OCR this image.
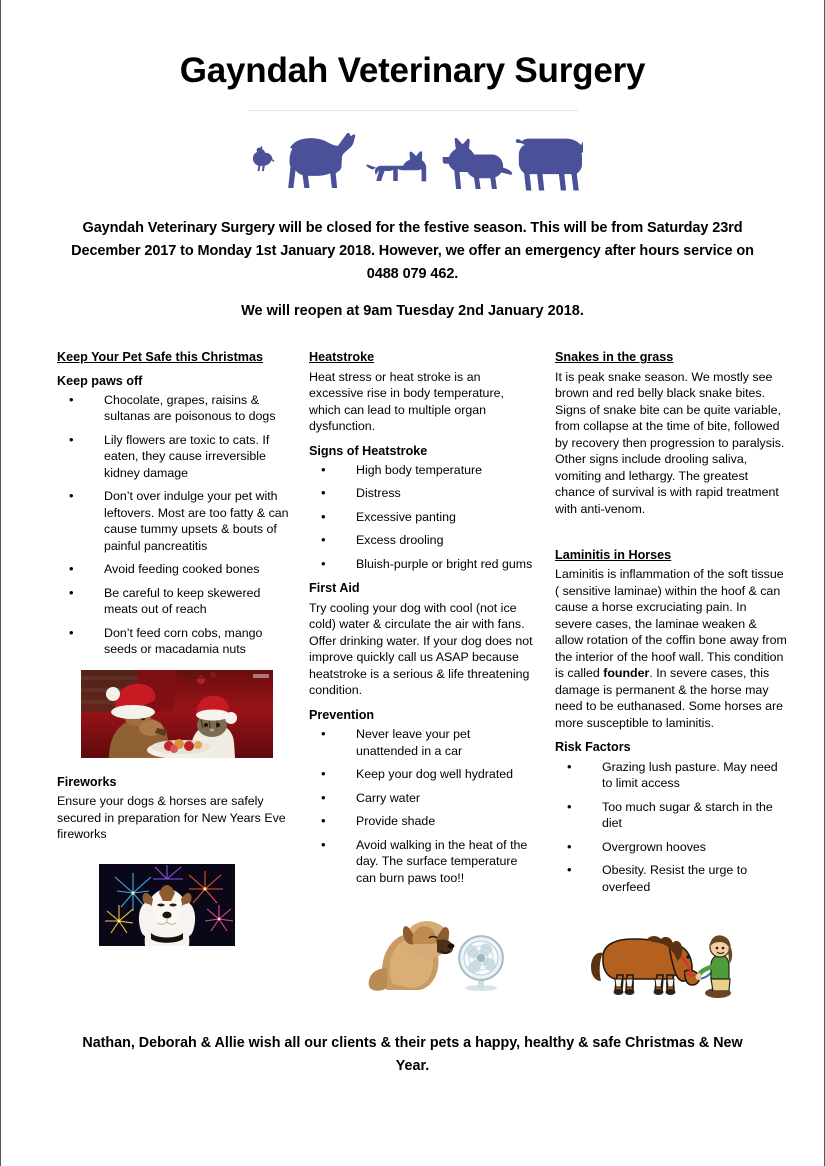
Gayndah Veterinary Surgery
Gayndah Veterinary Surgery will be closed for the festive season. This will be from Saturday 23rd December 2017 to Monday 1st January 2018. However, we offer an emergency after hours service on 0488 079 462.
We will reopen at 9am Tuesday 2nd January 2018.
Keep Your Pet Safe this Christmas
Keep paws off
• Chocolate, grapes, raisins & sultanas are poisonous to dogs
• Lily flowers are toxic to cats. If eaten, they cause irreversible kidney damage
• Don’t over indulge your pet with leftovers. Most are too fatty & can cause tummy upsets & bouts of painful pancreatitis
• Avoid feeding cooked bones
• Be careful to keep skewered meats out of reach
• Don’t feed corn cobs, mango seeds or macadamia nuts
Fireworks

Ensure your dogs & horses are safely secured in preparation for New Years Eve fireworks

Heatstroke

Heat stress or heat stroke is an excessive rise in body temperature, which can lead to multiple organ dysfunction.

Signs of Heatstroke
• High body temperature
• Distress
• Excessive panting
• Excess drooling
• Bluish-purple or bright red gums
First Aid

Try cooling your dog with cool (not ice cold) water & circulate the air with fans. Offer drinking water. If your dog does not improve quickly call us ASAP because heatstroke is a serious & life threatening condition.

Prevention
• Never leave your pet unattended in a car
• Keep your dog well hydrated
• Carry water
• Provide shade
• Avoid walking in the heat of the day. The surface temperature can burn paws too!!
Snakes in the grass

It is peak snake season. We mostly see brown and red belly black snake bites. Signs of snake bite can be quite variable, from collapse at the time of bite, followed by recovery then progression to paralysis. Other signs include drooling saliva, vomiting and lethargy. The greatest chance of survival is with rapid treatment with anti-venom.

Laminitis in Horses

Laminitis is inflammation of the soft tissue ( sensitive laminae) within the hoof & can cause a horse excruciating pain. In severe cases, the laminae weaken & allow rotation of the coffin bone away from the interior of the hoof wall. This condition is called founder. In severe cases, this damage is permanent & the horse may need to be euthanased. Some horses are more susceptible to laminitis.

Risk Factors
• Grazing lush pasture. May need to limit access
• Too much sugar & starch in the diet
• Overgrown hooves
• Obesity. Resist the urge to overfeed
Nathan, Deborah & Allie wish all our clients & their pets a happy, healthy & safe Christmas & New Year.
